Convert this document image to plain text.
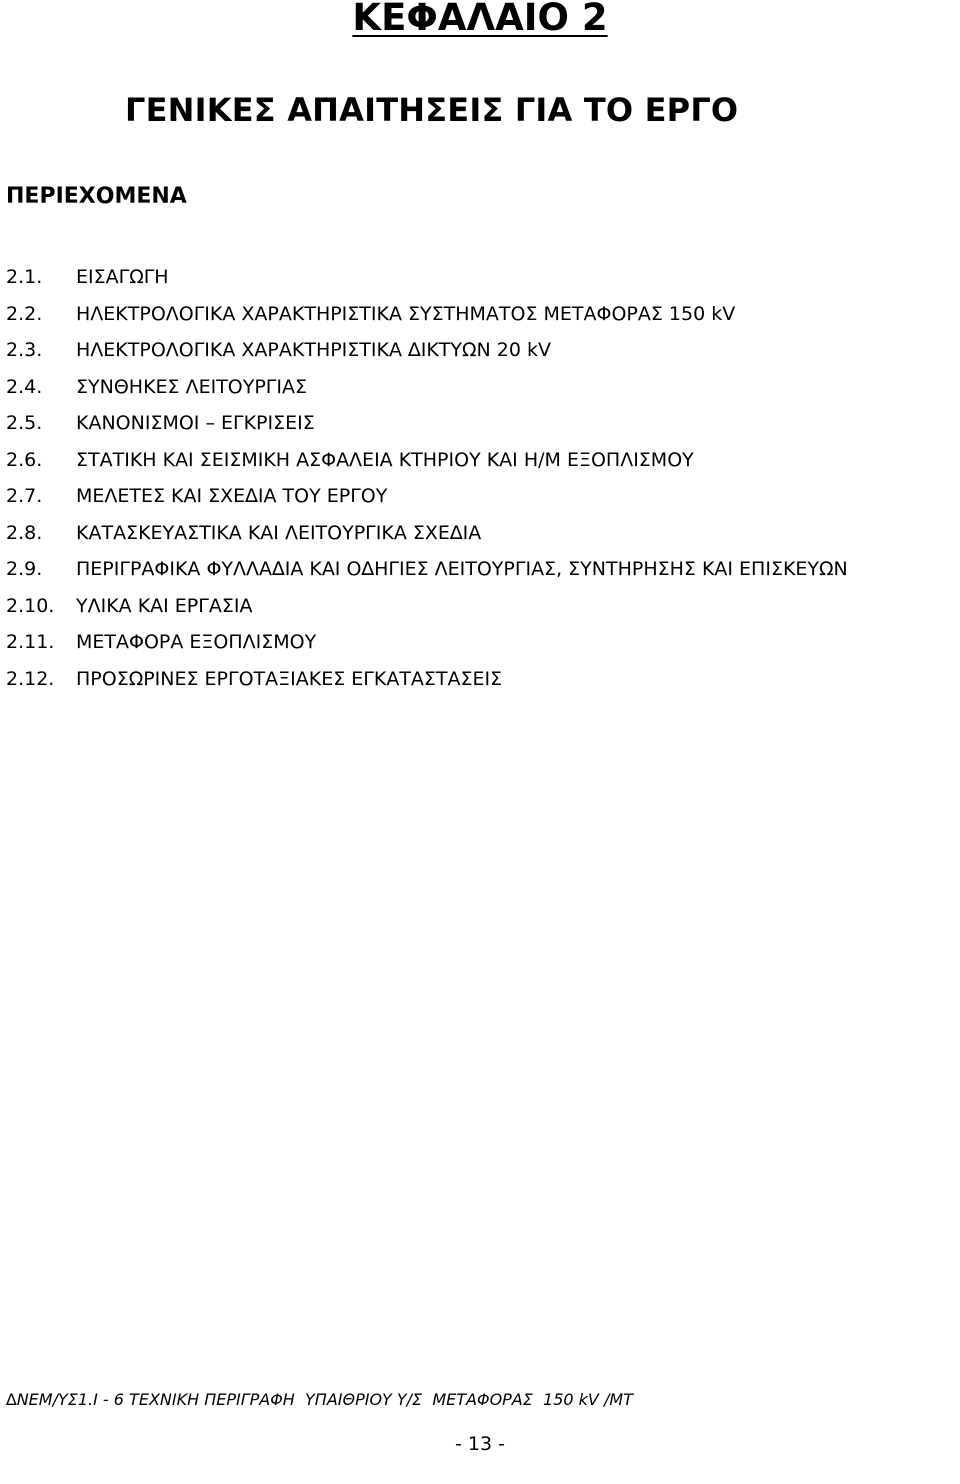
ΚΕΦΑΛΑΙΟ 2
ΓΕΝΙΚΕΣ ΑΠΑΙΤΗΣΕΙΣ ΓΙΑ ΤΟ ΕΡΓΟ
ΠΕΡΙΕΧΟΜΕΝΑ
2.1.	ΕΙΣΑΓΩΓΗ
2.2.	ΗΛΕΚΤΡΟΛΟΓΙΚΑ ΧΑΡΑΚΤΗΡΙΣΤΙΚΑ ΣΥΣΤΗΜΑΤΟΣ ΜΕΤΑΦΟΡΑΣ 150 kV
2.3.	ΗΛΕΚΤΡΟΛΟΓΙΚΑ ΧΑΡΑΚΤΗΡΙΣΤΙΚΑ ∆ΙΚΤΥΩΝ 20 kV
2.4.	ΣΥΝΘΗΚΕΣ ΛΕΙΤΟΥΡΓΙΑΣ
2.5.	ΚΑΝΟΝΙΣΜΟΙ – ΕΓΚΡΙΣΕΙΣ
2.6.	ΣΤΑΤΙΚΗ ΚΑΙ ΣΕΙΣΜΙΚΗ ΑΣΦΑΛΕΙΑ ΚΤΗΡΙΟΥ ΚΑΙ Η/Μ ΕΞΟΠΛΙΣΜΟΥ
2.7.	ΜΕΛΕΤΕΣ ΚΑΙ ΣΧΕ∆ΙΑ ΤΟΥ ΕΡΓΟΥ
2.8.	ΚΑΤΑΣΚΕΥΑΣΤΙΚΑ ΚΑΙ ΛΕΙΤΟΥΡΓΙΚΑ ΣΧΕ∆ΙΑ
2.9.	ΠΕΡΙΓΡΑΦΙΚΑ ΦΥΛΛΑ∆ΙΑ ΚΑΙ Ο∆ΗΓΙΕΣ ΛΕΙΤΟΥΡΓΙΑΣ, ΣΥΝΤΗΡΗΣΗΣ ΚΑΙ ΕΠΙΣΚΕΥΩΝ
2.10.	ΥΛΙΚΑ ΚΑΙ ΕΡΓΑΣΙΑ
2.11.	ΜΕΤΑΦΟΡΑ ΕΞΟΠΛΙΣΜΟΥ
2.12.	ΠΡΟΣΩΡΙΝΕΣ ΕΡΓΟΤΑΞΙΑΚΕΣ ΕΓΚΑΤΑΣΤΑΣΕΙΣ

∆ΝΕΜ/ΥΣ1.Ι - 6 ΤΕΧΝΙΚΗ ΠΕΡΙΓΡΑΦΗ  ΥΠΑΙΘΡΙΟΥ Υ/Σ  ΜΕΤΑΦΟΡΑΣ  150 kV /ΜΤ

- 13 -
